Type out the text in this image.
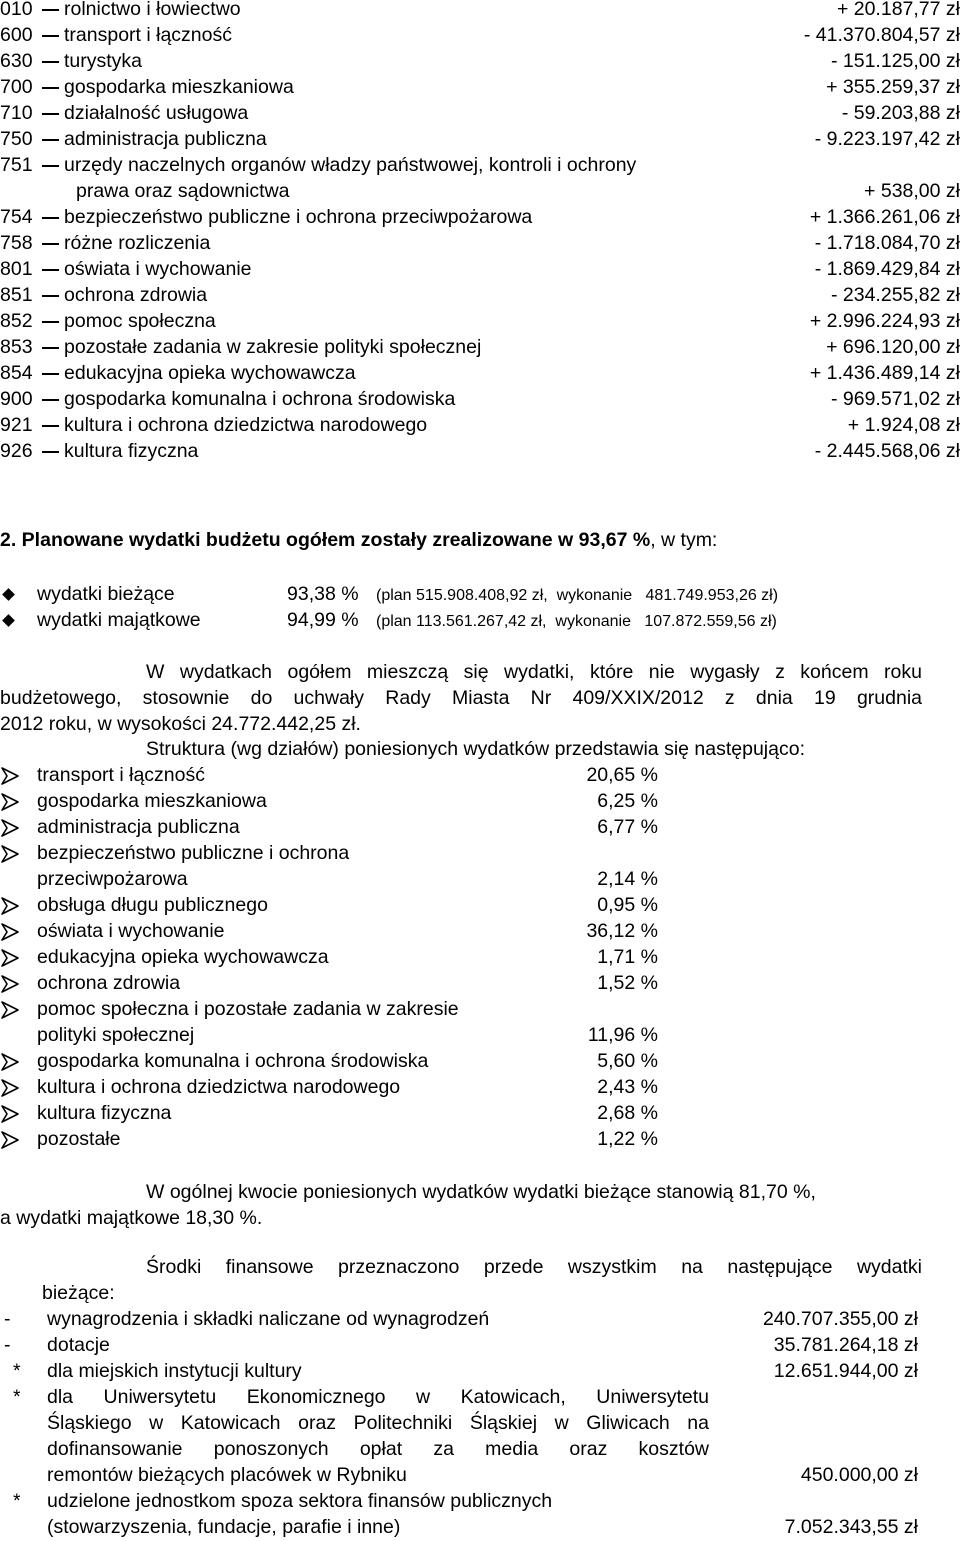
010 rolnictwo i łowiectwo	+ 20.187,77 zł
600 transport i łączność	- 41.370.804,57 zł
630 turystyka	- 151.125,00 zł
700 gospodarka mieszkaniowa	+ 355.259,37 zł
710 działalność usługowa	- 59.203,88 zł
750 administracja publiczna	- 9.223.197,42 zł
751 urzędy naczelnych organów władzy państwowej, kontroli i ochrony
prawa oraz sądownictwa	+ 538,00 zł
754 bezpieczeństwo publiczne i ochrona przeciwpożarowa	+ 1.366.261,06 zł
758 różne rozliczenia	- 1.718.084,70 zł
801 oświata i wychowanie	- 1.869.429,84 zł
851 ochrona zdrowia	- 234.255,82 zł
852 pomoc społeczna	+ 2.996.224,93 zł
853 pozostałe zadania w zakresie polityki społecznej	+ 696.120,00 zł
854 edukacyjna opieka wychowawcza	+ 1.436.489,14 zł
900 gospodarka komunalna i ochrona środowiska	- 969.571,02 zł
921 kultura i ochrona dziedzictwa narodowego	+ 1.924,08 zł
926 kultura fizyczna	- 2.445.568,06 zł
2. Planowane wydatki budżetu ogółem zostały zrealizowane w 93,67 %, w tym:
wydatki bieżące	93,38 % (plan 515.908.408,92 zł,  wykonanie   481.749.953,26 zł)
wydatki majątkowe	94,99 % (plan 113.561.267,42 zł,  wykonanie   107.872.559,56 zł)
W wydatkach ogółem mieszczą się wydatki, które nie wygasły z końcem roku
budżetowego, stosownie do uchwały Rady Miasta Nr 409/XXIX/2012 z dnia 19 grudnia
2012 roku, w wysokości 24.772.442,25 zł.
Struktura (wg działów) poniesionych wydatków przedstawia się następująco:
transport i łączność	20,65 %
gospodarka mieszkaniowa	6,25 %
administracja publiczna	6,77 %
bezpieczeństwo publiczne i ochrona
przeciwpożarowa	2,14 %
obsługa długu publicznego	0,95 %
oświata i wychowanie	36,12 %
edukacyjna opieka wychowawcza	1,71 %
ochrona zdrowia	1,52 %
pomoc społeczna i pozostałe zadania w zakresie
polityki społecznej	11,96 %
gospodarka komunalna i ochrona środowiska	5,60 %
kultura i ochrona dziedzictwa narodowego	2,43 %
kultura fizyczna	2,68 %
pozostałe	1,22 %
W ogólnej kwocie poniesionych wydatków wydatki bieżące stanowią 81,70 %,
a wydatki majątkowe 18,30 %.
Środki finansowe przeznaczono przede wszystkim na następujące wydatki
bieżące:
- wynagrodzenia i składki naliczane od wynagrodzeń	240.707.355,00 zł
- dotacje	35.781.264,18 zł
* dla miejskich instytucji kultury	12.651.944,00 zł
* dla Uniwersytetu Ekonomicznego w Katowicach, Uniwersytetu
Śląskiego w Katowicach oraz Politechniki Śląskiej w Gliwicach na
dofinansowanie ponoszonych opłat za media oraz kosztów
remontów bieżących placówek w Rybniku	450.000,00 zł
* udzielone jednostkom spoza sektora finansów publicznych
(stowarzyszenia, fundacje, parafie i inne)	7.052.343,55 zł
